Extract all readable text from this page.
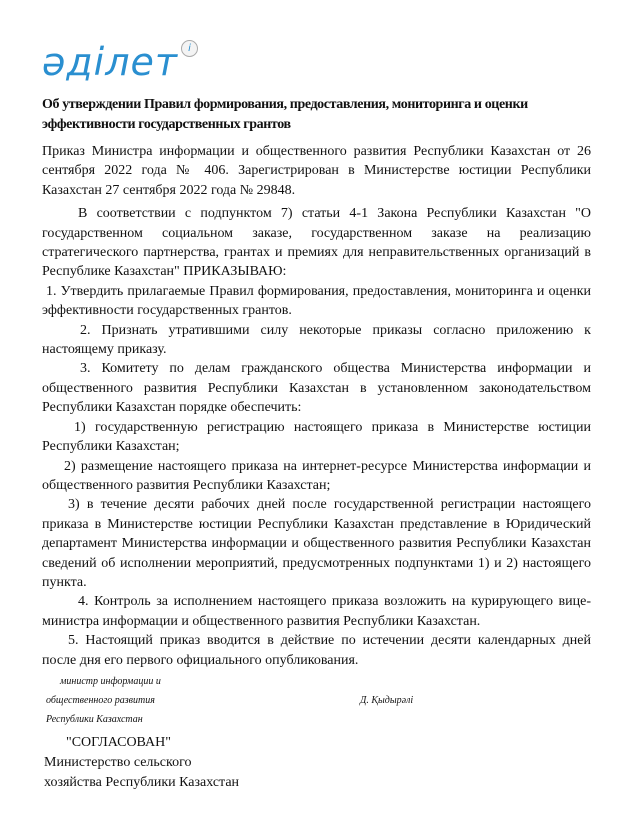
әділет	i
Об утверждении Правил формирования, предоставления, мониторинга и оценки эффективности государственных грантов

Приказ Министра информации и общественного развития Республики Казахстан от 26 сентября 2022 года № 406. Зарегистрирован в Министерстве юстиции Республики Казахстан 27 сентября 2022 года № 29848.

В соответствии с подпунктом 7) статьи 4-1 Закона Республики Казахстан "О государственном социальном заказе, государственном заказе на реализацию стратегического партнерства, грантах и премиях для неправительственных организаций в Республике Казахстан" ПРИКАЗЫВАЮ:

1. Утвердить прилагаемые Правил формирования, предоставления, мониторинга и оценки эффективности государственных грантов.

2. Признать утратившими силу некоторые приказы согласно приложению к настоящему приказу.

3. Комитету по делам гражданского общества Министерства информации и общественного развития Республики Казахстан в установленном законодательством Республики Казахстан порядке обеспечить:

1) государственную регистрацию настоящего приказа в Министерстве юстиции Республики Казахстан;

2) размещение настоящего приказа на интернет-ресурсе Министерства информации и общественного развития Республики Казахстан;

3) в течение десяти рабочих дней после государственной регистрации настоящего приказа в Министерстве юстиции Республики Казахстан представление в Юридический департамент Министерства информации и общественного развития Республики Казахстан сведений об исполнении мероприятий, предусмотренных подпунктами 1) и 2) настоящего пункта.

4. Контроль за исполнением настоящего приказа возложить на курирующего вице-министра информации и общественного развития Республики Казахстан.

5. Настоящий приказ вводится в действие по истечении десяти календарных дней после дня его первого официального опубликования.

министр информации и
общественного развития
Республики Казахстан
Д. Қыдырәлі
"СОГЛАСОВАН"
Министерство сельского
хозяйства Республики Казахстан
